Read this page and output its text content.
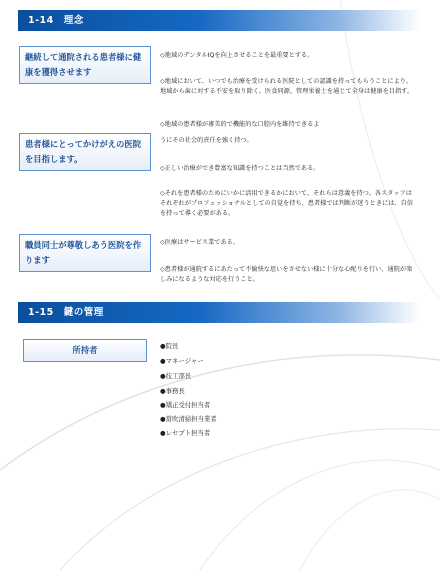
1-14　理念
継続して通院される患者様に健康を獲得させます
患者様にとってかけがえの医院を目指します。
職員同士が尊敬しあう医院を作ります
◇地域のデンタルIQを向上させることを最重要とする。
◇地域において、いつでも治療を受けられる医院としての認識を持ってもらうことにより、地域から歯に対する不安を取り除く。医食同源、管理栄養士を通じて全身は健康を目指す。
◇地域の患者様が審美的で機能的な口腔内を維持できるよ
うにその社会的責任を強く持つ。
◇正しい治療ができ豊富な知識を持つことは当然である。
◇それを患者様のためにいかに活用できるかにおいて、それらは意義を持つ。各スタッフはそれぞれがプロフェッショナルとしての自覚を持ち、患者様では判断が迷うときには、自信を持って導く必要がある。
◇医療はサービス業である。
◇患者様が通院するにあたって不愉快な思いをさせない様に十分な心配りを行い、通院が楽しみになるような対応を行うこと。
1-15　鍵の管理
所持者	●院長
●マネージャー
●技工部長
●事務長
●矯正受付担当者
●當吹清掃担当業者
●レセプト担当者
